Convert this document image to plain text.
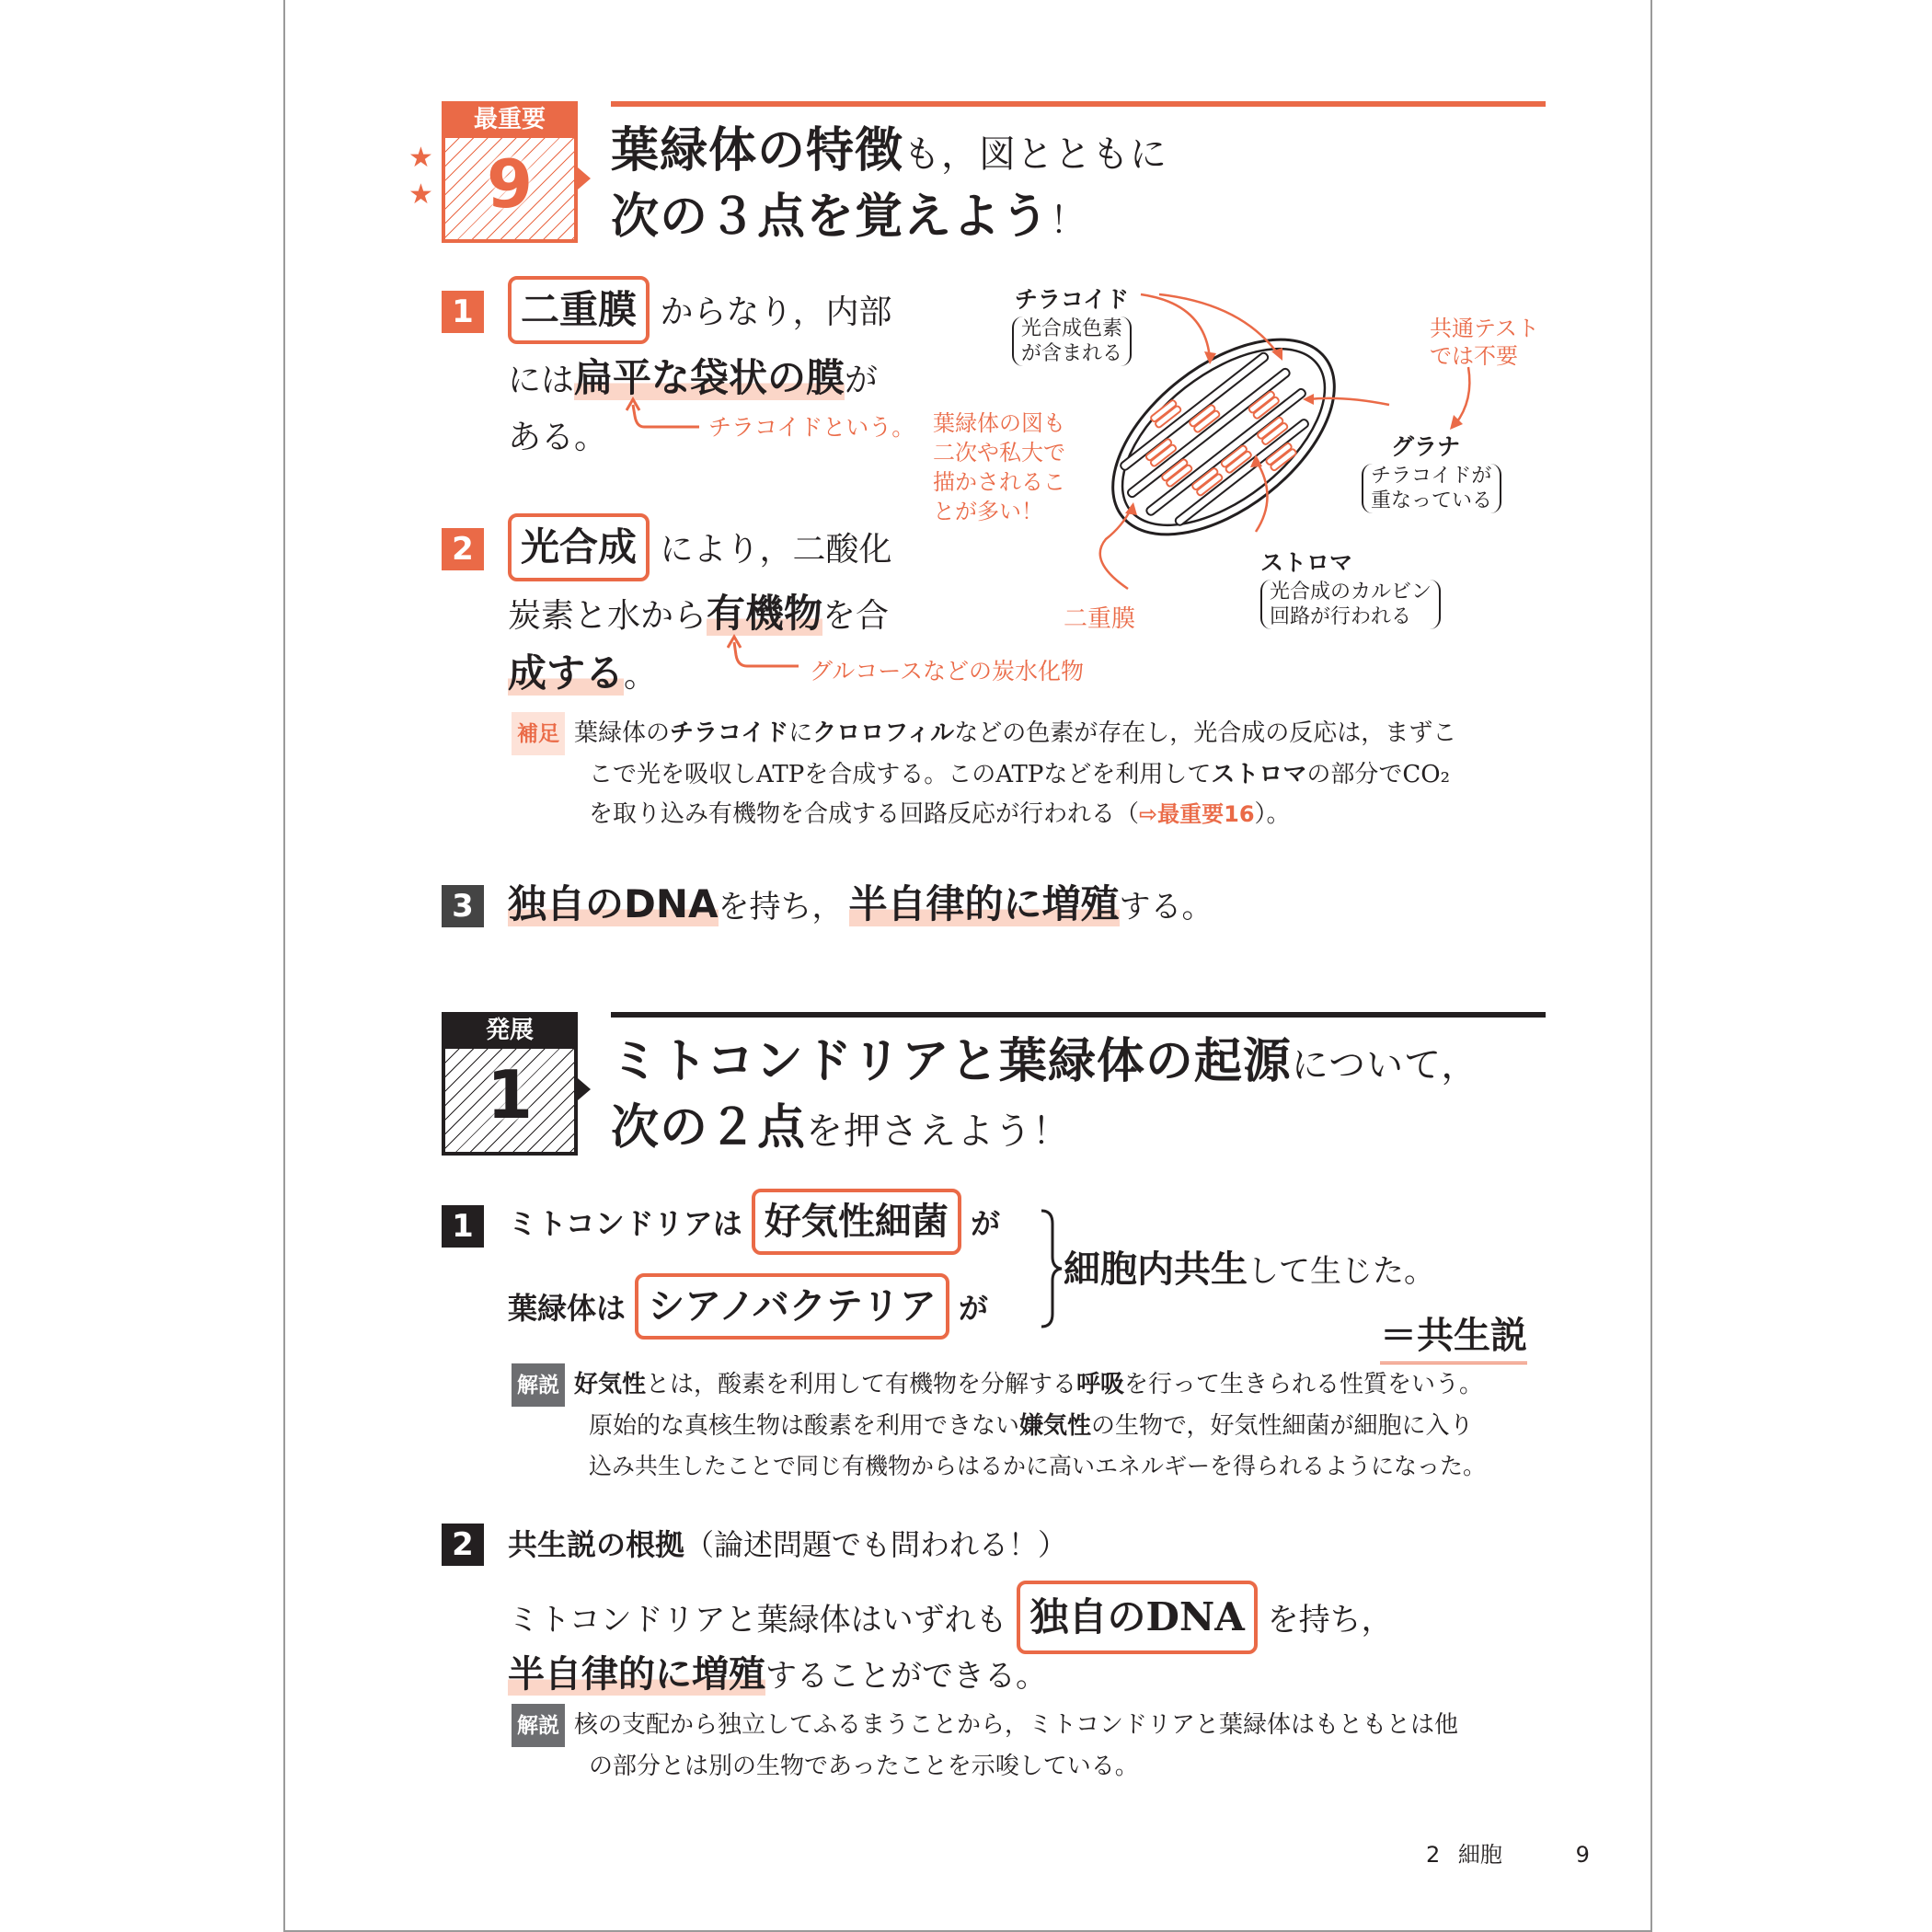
★
★
最重要
9	葉緑体の特徴も，図とともに
次の３点を覚えよう！
1	二重膜 からなり，内部
には扁平な袋状の膜が
ある。	チラコイドという。
2	光合成 により，二酸化
炭素と水から有機物を合
成する。	グルコースなどの炭水化物
チラコイド
光合成色素
が含まれる
共通テスト
では不要
葉緑体の図も
二次や私大で
描かされるこ
とが多い！
グラナ
チラコイドが
重なっている
ストロマ
光合成のカルビン
回路が行われる
二重膜
補足 葉緑体のチラコイドにクロロフィルなどの色素が存在し，光合成の反応は，まずこ
こで光を吸収しATPを合成する。このATPなどを利用してストロマの部分でCO₂
を取り込み有機物を合成する回路反応が行われる（⇨最重要16）。
3 独自のDNAを持ち， 半自律的に増殖する。
発展
1	ミトコンドリアと葉緑体の起源について，
次の２点を押さえよう！
1	ミトコンドリアは 好気性細菌 が
葉緑体は シアノバクテリア が
細胞内共生して生じた。
＝共生説
解説 好気性とは，酸素を利用して有機物を分解する呼吸を行って生きられる性質をいう。
原始的な真核生物は酸素を利用できない嫌気性の生物で，好気性細菌が細胞に入り
込み共生したことで同じ有機物からはるかに高いエネルギーを得られるようになった。
2	共生説の根拠（論述問題でも問われる！）
ミトコンドリアと葉緑体はいずれも 独自のDNA を持ち，
半自律的に増殖することができる。
解説 核の支配から独立してふるまうことから，ミトコンドリアと葉緑体はもともとは他
の部分とは別の生物であったことを示唆している。
2 細胞	9
